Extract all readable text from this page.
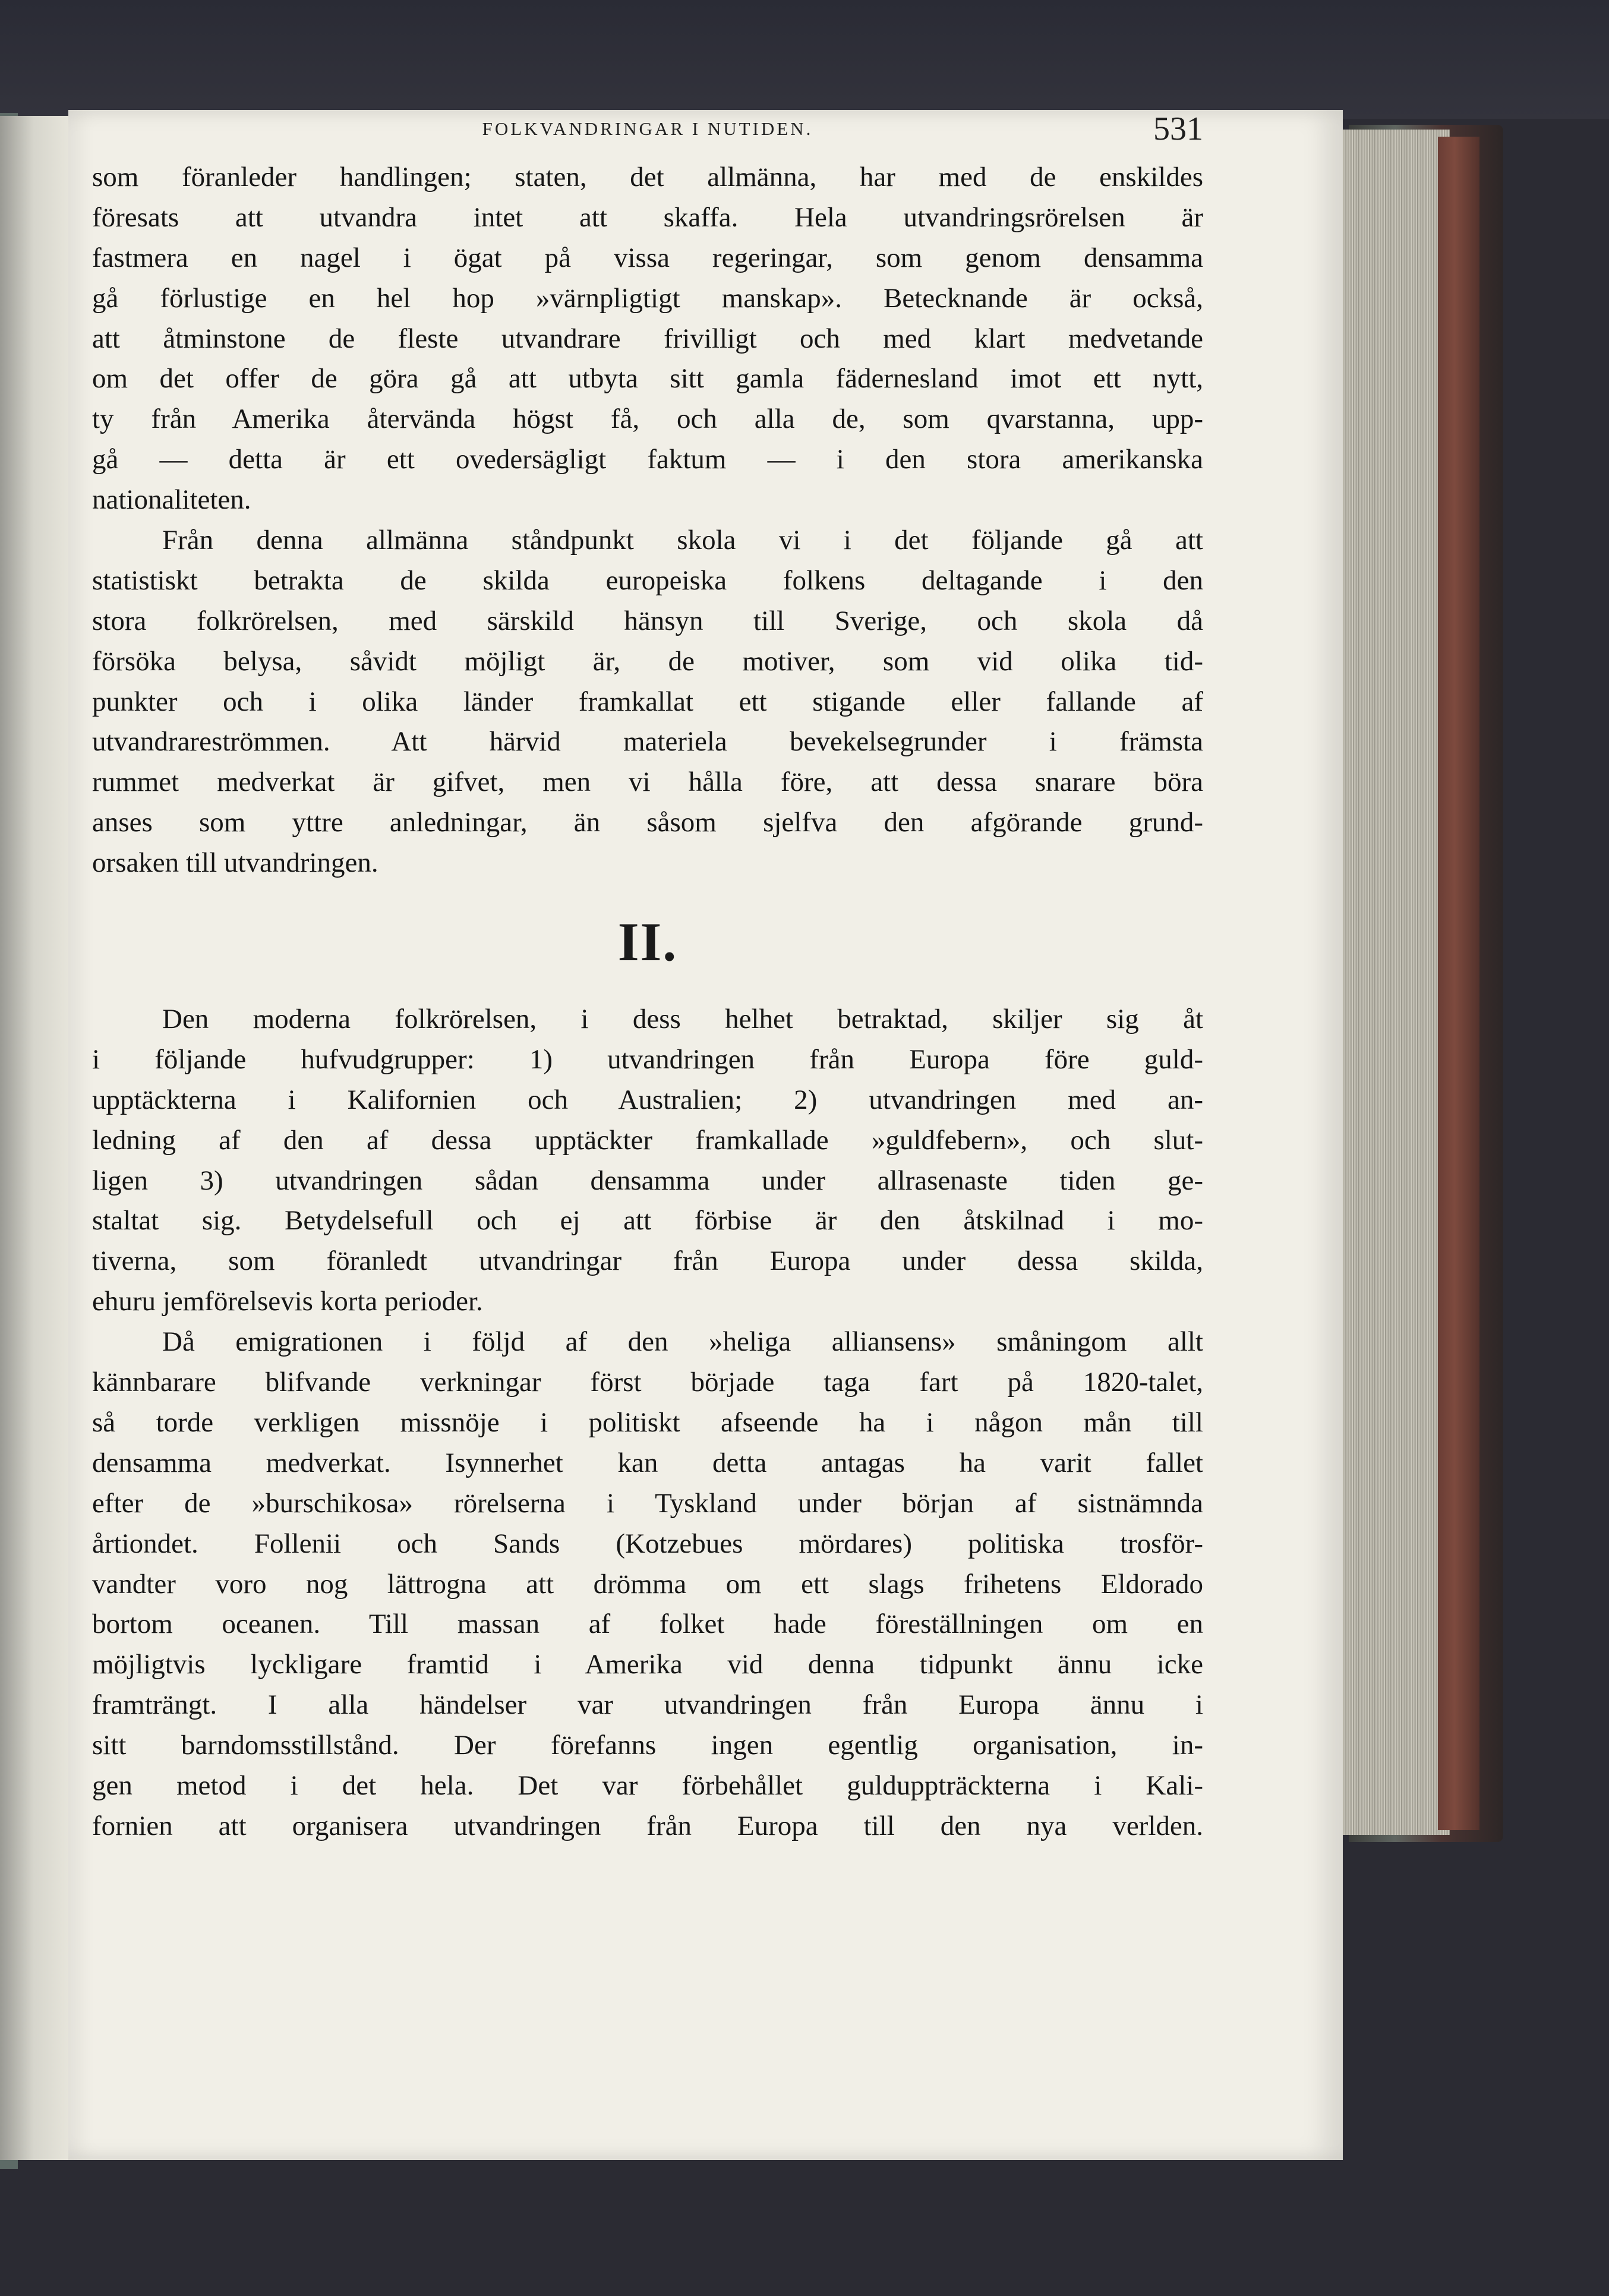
FOLKVANDRINGAR I NUTIDEN.	531
som föranleder handlingen; staten, det allmänna, har med de enskildes
föresats att utvandra intet att skaffa. Hela utvandringsrörelsen är
fastmera en nagel i ögat på vissa regeringar, som genom densamma
gå förlustige en hel hop »värnpligtigt manskap». Betecknande är också,
att åtminstone de fleste utvandrare frivilligt och med klart medvetande
om det offer de göra gå att utbyta sitt gamla fädernesland imot ett nytt,
ty från Amerika återvända högst få, och alla de, som qvarstanna, upp-
gå — detta är ett ovedersägligt faktum — i den stora amerikanska
nationaliteten.
Från denna allmänna ståndpunkt skola vi i det följande gå att
statistiskt betrakta de skilda europeiska folkens deltagande i den
stora folkrörelsen, med särskild hänsyn till Sverige, och skola då
försöka belysa, såvidt möjligt är, de motiver, som vid olika tid-
punkter och i olika länder framkallat ett stigande eller fallande af
utvandrareströmmen. Att härvid materiela bevekelsegrunder i främsta
rummet medverkat är gifvet, men vi hålla före, att dessa snarare böra
anses som yttre anledningar, än såsom sjelfva den afgörande grund-
orsaken till utvandringen.
II.
Den moderna folkrörelsen, i dess helhet betraktad, skiljer sig åt
i följande hufvudgrupper: 1) utvandringen från Europa före guld-
upptäckterna i Kalifornien och Australien; 2) utvandringen med an-
ledning af den af dessa upptäckter framkallade »guldfebern», och slut-
ligen 3) utvandringen sådan densamma under allrasenaste tiden ge-
staltat sig. Betydelsefull och ej att förbise är den åtskilnad i mo-
tiverna, som föranledt utvandringar från Europa under dessa skilda,
ehuru jemförelsevis korta perioder.
Då emigrationen i följd af den »heliga alliansens» småningom allt
kännbarare blifvande verkningar först började taga fart på 1820-talet,
så torde verkligen missnöje i politiskt afseende ha i någon mån till
densamma medverkat. Isynnerhet kan detta antagas ha varit fallet
efter de »burschikosa» rörelserna i Tyskland under början af sistnämnda
årtiondet. Follenii och Sands (Kotzebues mördares) politiska trosför-
vandter voro nog lättrogna att drömma om ett slags frihetens Eldorado
bortom oceanen. Till massan af folket hade föreställningen om en
möjligtvis lyckligare framtid i Amerika vid denna tidpunkt ännu icke
framträngt. I alla händelser var utvandringen från Europa ännu i
sitt barndomsstillstånd. Der förefanns ingen egentlig organisation, in-
gen metod i det hela. Det var förbehållet gulduppträckterna i Kali-
fornien att organisera utvandringen från Europa till den nya verlden.
